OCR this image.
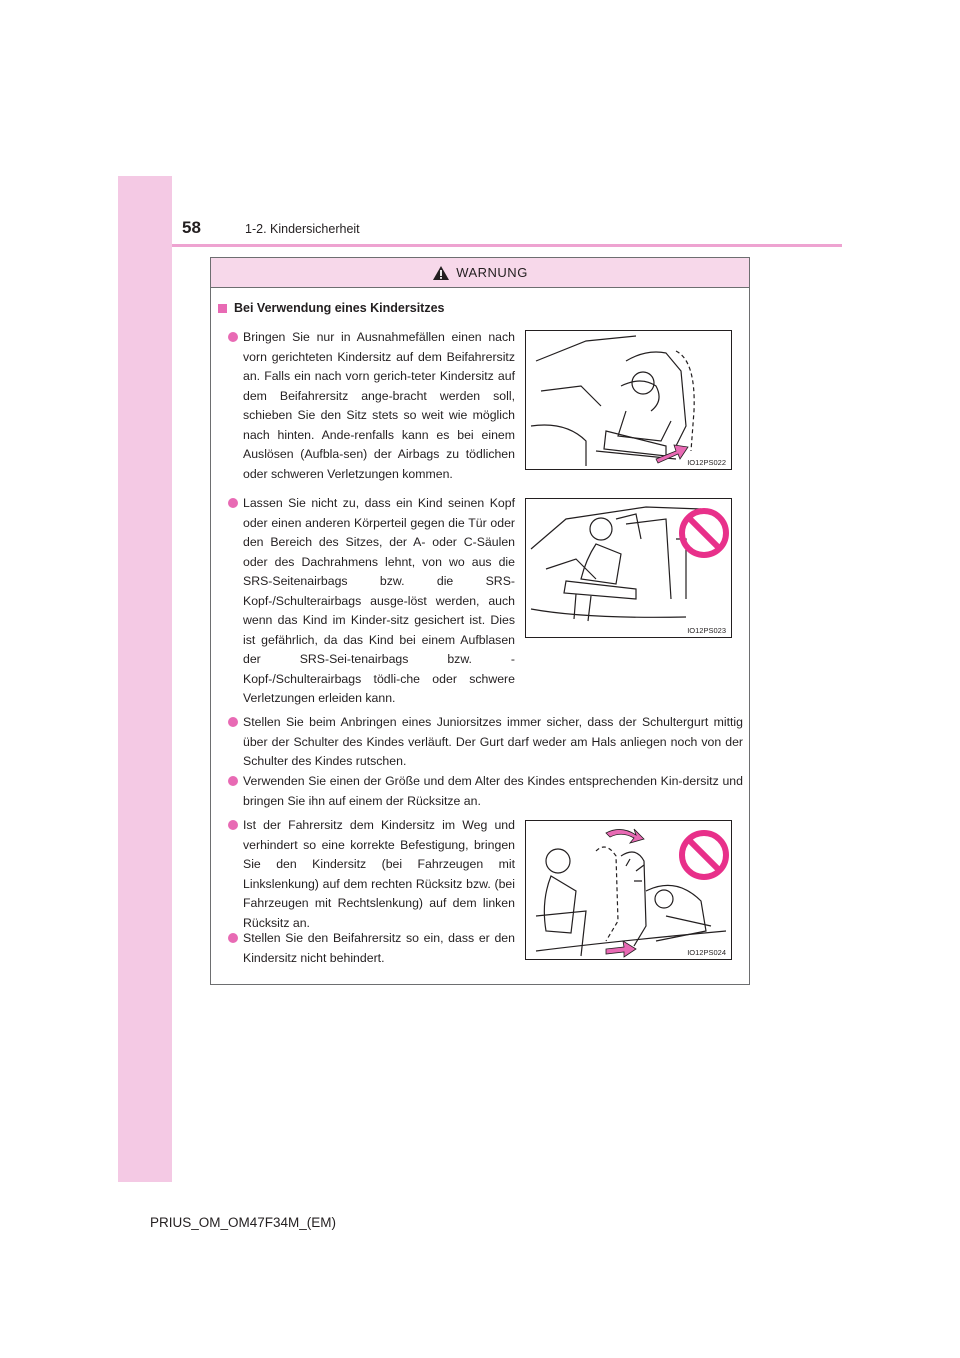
58	1-2. Kindersicherheit
WARNUNG
Bei Verwendung eines Kindersitzes
Bringen Sie nur in Ausnahmefällen einen nach vorn gerichteten Kindersitz auf dem Beifahrersitz an. Falls ein nach vorn gerich-teter Kindersitz auf dem Beifahrersitz ange-bracht werden soll, schieben Sie den Sitz stets so weit wie möglich nach hinten. Ande-renfalls kann es bei einem Auslösen (Aufbla-sen) der Airbags zu tödlichen oder schweren Verletzungen kommen.
IO12PS022
Lassen Sie nicht zu, dass ein Kind seinen Kopf oder einen anderen Körperteil gegen die Tür oder den Bereich des Sitzes, der A- oder C-Säulen oder des Dachrahmens lehnt, von wo aus die SRS-Seitenairbags bzw. die SRS-Kopf-/Schulterairbags ausge-löst werden, auch wenn das Kind im Kinder-sitz gesichert ist. Dies ist gefährlich, da das Kind bei einem Aufblasen der SRS-Sei-tenairbags bzw. -Kopf-/Schulterairbags tödli-che oder schwere Verletzungen erleiden kann.
IO12PS023
Stellen Sie beim Anbringen eines Juniorsitzes immer sicher, dass der Schultergurt mittig über der Schulter des Kindes verläuft. Der Gurt darf weder am Hals anliegen noch von der Schulter des Kindes rutschen.
Verwenden Sie einen der Größe und dem Alter des Kindes entsprechenden Kin-dersitz und bringen Sie ihn auf einem der Rücksitze an.
Ist der Fahrersitz dem Kindersitz im Weg und verhindert so eine korrekte Befestigung, bringen Sie den Kindersitz (bei Fahrzeugen mit Linkslenkung) auf dem rechten Rücksitz bzw. (bei Fahrzeugen mit Rechtslenkung) auf dem linken Rücksitz an.
Stellen Sie den Beifahrersitz so ein, dass er den Kindersitz nicht behindert.	IO12PS024
PRIUS_OM_OM47F34M_(EM)
